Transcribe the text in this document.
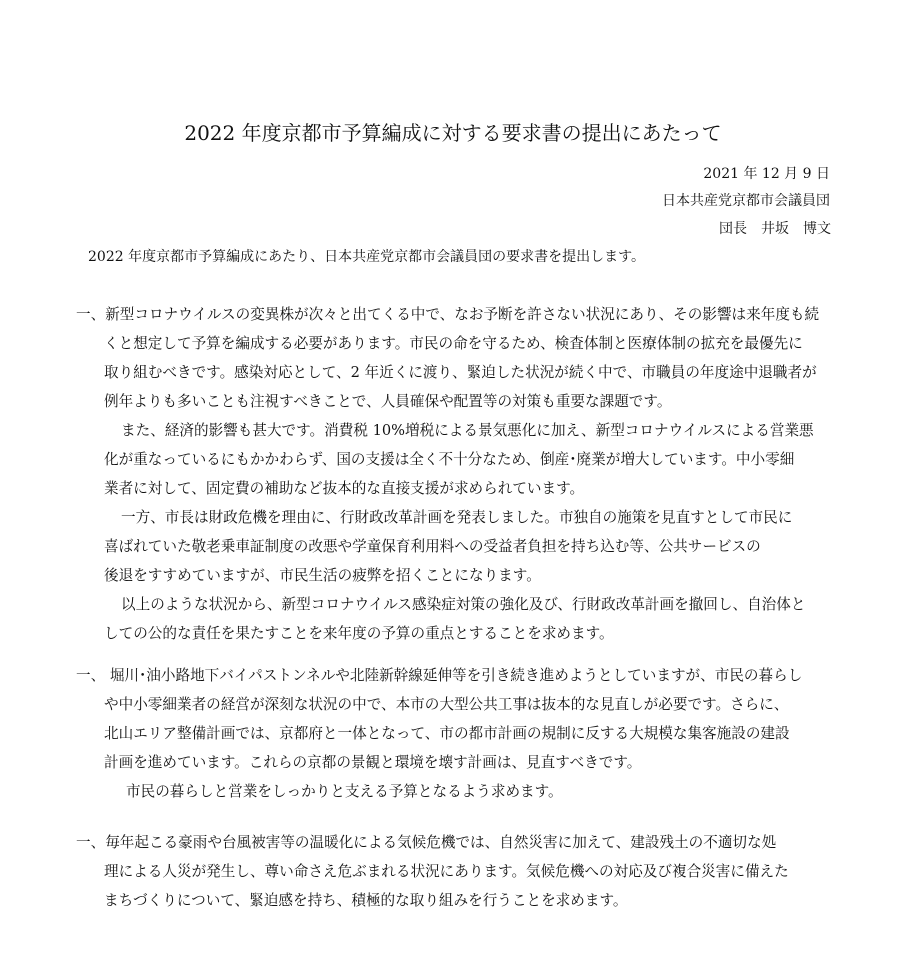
2022 年度京都市予算編成に対する要求書の提出にあたって
2021 年 12 月 9 日
日本共産党京都市会議員団
団長　井坂　博文
2022 年度京都市予算編成にあたり、日本共産党京都市会議員団の要求書を提出します。
一、新型コロナウイルスの変異株が次々と出てくる中で、なお予断を許さない状況にあり、その影響は来年度も続
くと想定して予算を編成する必要があります。市民の命を守るため、検査体制と医療体制の拡充を最優先に
取り組むべきです。感染対応として、2 年近くに渡り、緊迫した状況が続く中で、市職員の年度途中退職者が
例年よりも多いことも注視すべきことで、人員確保や配置等の対策も重要な課題です。
また、経済的影響も甚大です。消費税 10%増税による景気悪化に加え、新型コロナウイルスによる営業悪
化が重なっているにもかかわらず、国の支援は全く不十分なため、倒産･廃業が増大しています。中小零細
業者に対して、固定費の補助など抜本的な直接支援が求められています。
一方、市長は財政危機を理由に、行財政改革計画を発表しました。市独自の施策を見直すとして市民に
喜ばれていた敬老乗車証制度の改悪や学童保育利用料への受益者負担を持ち込む等、公共サービスの
後退をすすめていますが、市民生活の疲弊を招くことになります。
以上のような状況から、新型コロナウイルス感染症対策の強化及び、行財政改革計画を撤回し、自治体と
しての公的な責任を果たすことを来年度の予算の重点とすることを求めます。
一、 堀川･油小路地下バイパストンネルや北陸新幹線延伸等を引き続き進めようとしていますが、市民の暮らし
や中小零細業者の経営が深刻な状況の中で、本市の大型公共工事は抜本的な見直しが必要です。さらに、
北山エリア整備計画では、京都府と一体となって、市の都市計画の規制に反する大規模な集客施設の建設
計画を進めています。これらの京都の景観と環境を壊す計画は、見直すべきです。
市民の暮らしと営業をしっかりと支える予算となるよう求めます。
一、毎年起こる豪雨や台風被害等の温暖化による気候危機では、自然災害に加えて、建設残土の不適切な処
理による人災が発生し、尊い命さえ危ぶまれる状況にあります。気候危機への対応及び複合災害に備えた
まちづくりについて、緊迫感を持ち、積極的な取り組みを行うことを求めます。
